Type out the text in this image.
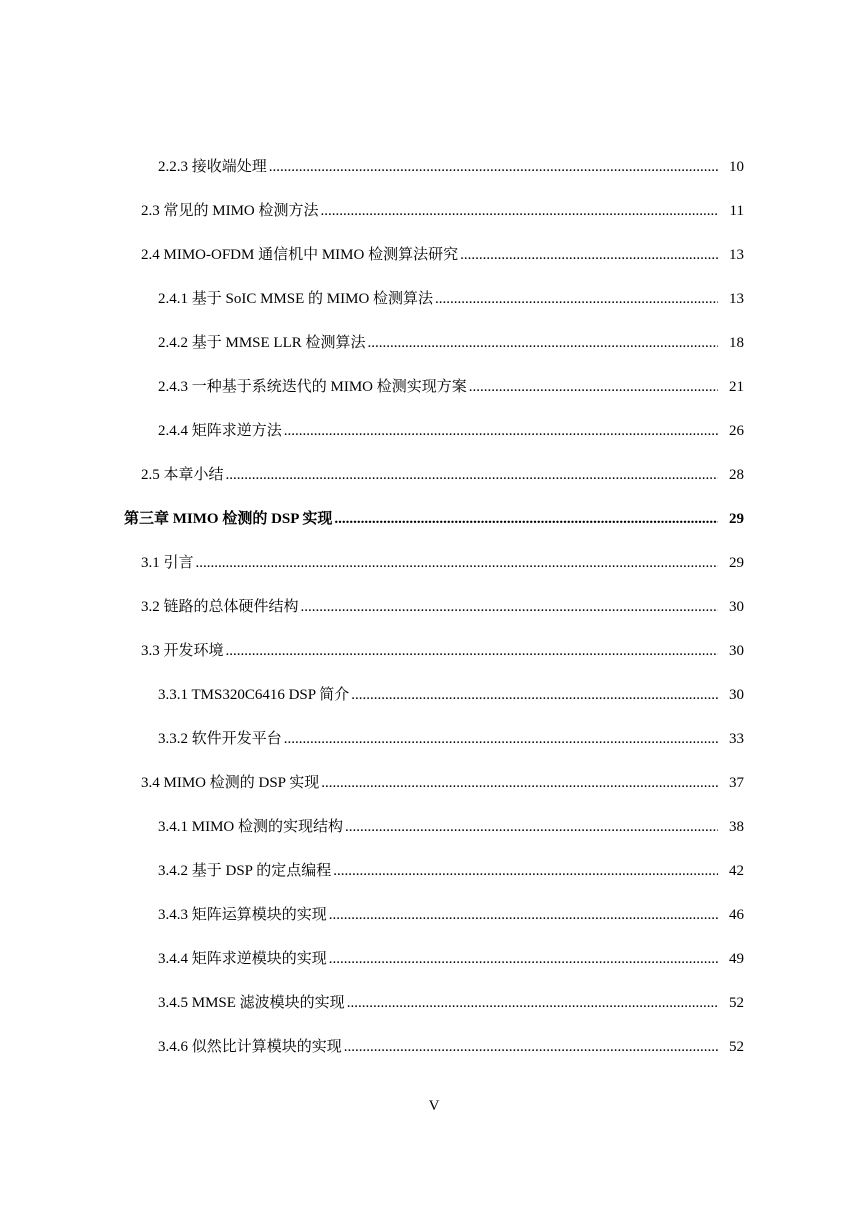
2.2.3 接收端处理 .....	10
2.3 常见的 MIMO 检测方法 .....	11
2.4 MIMO-OFDM 通信机中 MIMO 检测算法研究 .....	13
2.4.1 基于 SoIC MMSE 的 MIMO 检测算法 .....	13
2.4.2 基于 MMSE LLR 检测算法 .....	18
2.4.3 一种基于系统迭代的 MIMO 检测实现方案 .....	21
2.4.4 矩阵求逆方法 .....	26
2.5 本章小结 .....	28
第三章 MIMO 检测的 DSP 实现 .....	29
3.1 引言 .....	29
3.2 链路的总体硬件结构 .....	30
3.3 开发环境 .....	30
3.3.1 TMS320C6416 DSP 简介 .....	30
3.3.2 软件开发平台 .....	33
3.4 MIMO 检测的 DSP 实现 .....	37
3.4.1 MIMO 检测的实现结构 .....	38
3.4.2 基于 DSP 的定点编程 .....	42
3.4.3 矩阵运算模块的实现 .....	46
3.4.4 矩阵求逆模块的实现 .....	49
3.4.5 MMSE 滤波模块的实现 .....	52
3.4.6 似然比计算模块的实现 .....	52
V
